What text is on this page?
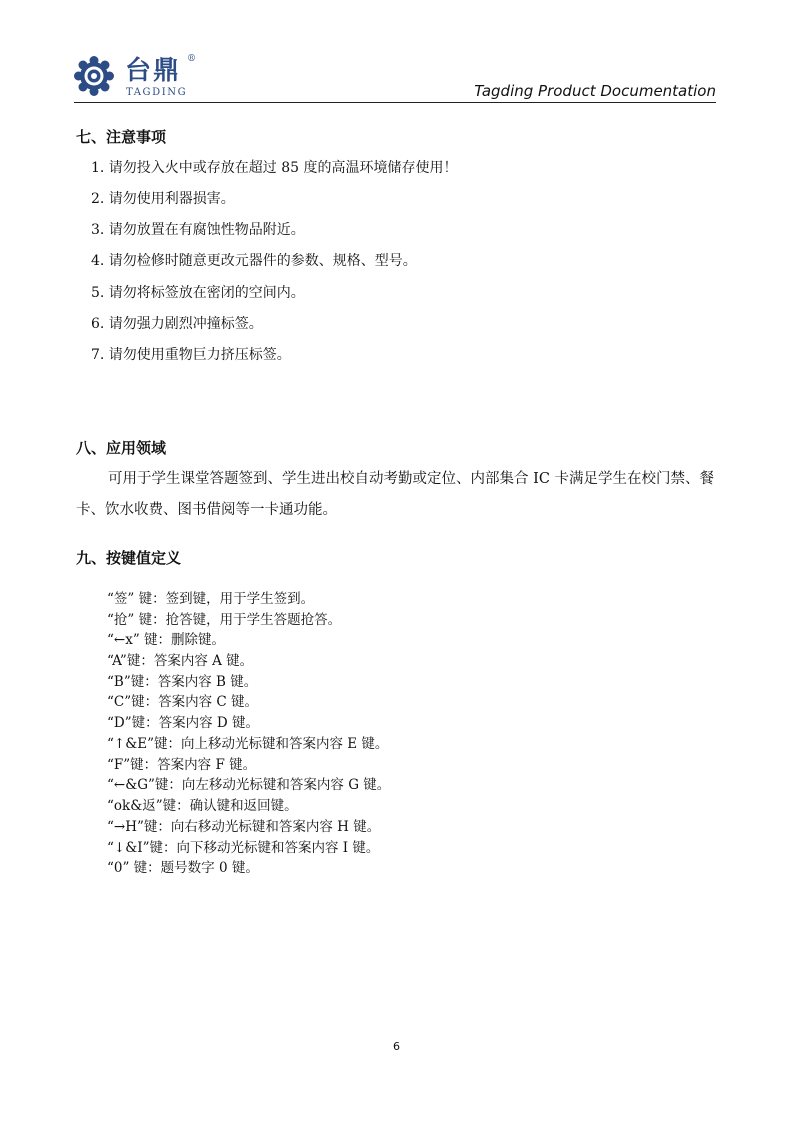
台鼎 ®
TAGDING	Tagding Product Documentation
七、注意事项

1. 请勿投入火中或存放在超过 85 度的高温环境储存使用！

2. 请勿使用利器损害。

3. 请勿放置在有腐蚀性物品附近。

4. 请勿检修时随意更改元器件的参数、规格、型号。

5. 请勿将标签放在密闭的空间内。

6. 请勿强力剧烈冲撞标签。

7. 请勿使用重物巨力挤压标签。

八、应用领域

可用于学生课堂答题签到、学生进出校自动考勤或定位、内部集合 IC 卡满足学生在校门禁、餐卡、饮水收费、图书借阅等一卡通功能。

九、按键值定义

“签” 键：签到键，用于学生签到。

“抢” 键：抢答键，用于学生答题抢答。

“←x” 键：删除键。

“A”键：答案内容 A 键。

“B”键：答案内容 B 键。

“C”键：答案内容 C 键。

“D”键：答案内容 D 键。

“↑&E”键：向上移动光标键和答案内容 E 键。

“F”键：答案内容 F 键。

“←&G”键：向左移动光标键和答案内容 G 键。

“ok&返”键：确认键和返回键。

“→H”键：向右移动光标键和答案内容 H 键。

“↓&I”键：向下移动光标键和答案内容 I 键。

“0” 键：题号数字 0 键。

6
